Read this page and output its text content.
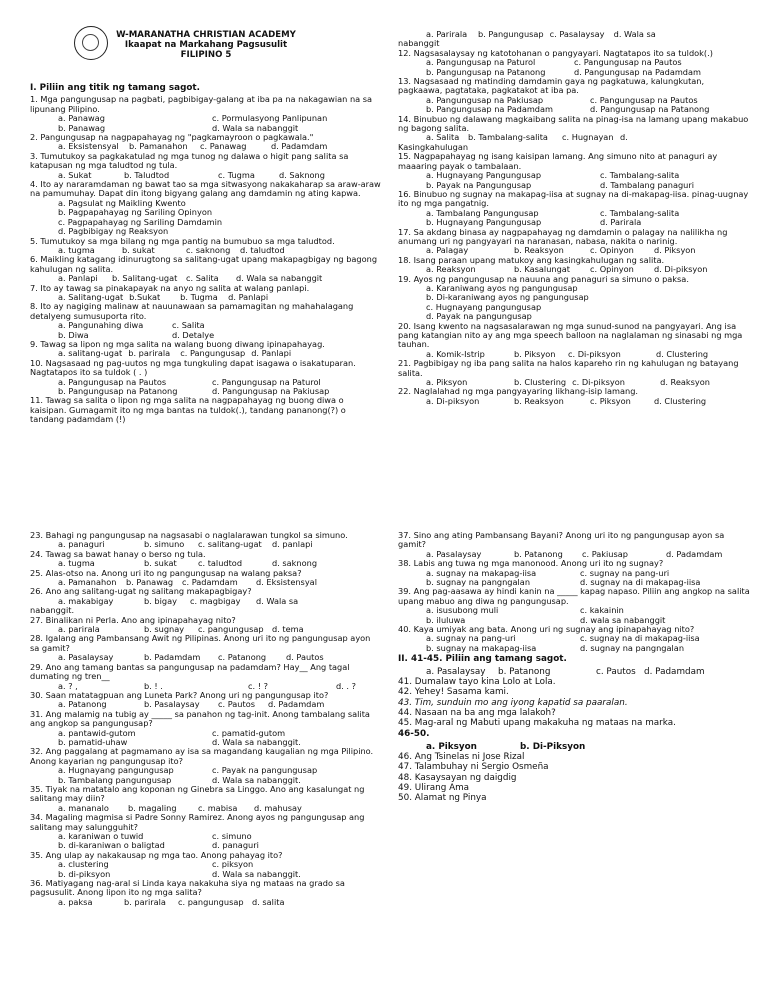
W-MARANATHA CHRISTIAN ACADEMY
Ikaapat na Markahang Pagsusulit
FILIPINO 5
I. Piliin ang titik ng tamang sagot.
1. Mga pangungusap na pagbati, pagbibigay-galang at iba pa na nakagawian na sa lipunang Pilipino.
a. Panawag	c. Pormulasyong Panlipunan
b. Panawag	d. Wala sa nabanggit
2. Pangungusap na nagpapahayag ng "pagkamayroon o pagkawala."
a. Eksistensyal	b. Pamanahon	c. Panawag	d. Padamdam
3. Tumutukoy sa pagkakatulad ng mga tunog ng dalawa o higit pang salita sa katapusan ng mga taludtod ng tula.
a. Sukat	b. Taludtod	c. Tugma	d. Saknong
4. Ito ay nararamdaman ng bawat tao sa mga sitwasyong nakakaharap sa araw-araw na pamumuhay. Dapat din itong bigyang galang ang damdamin ng ating kapwa.
a. Pagsulat ng Maikling Kwento
b. Pagpapahayag ng Sariling Opinyon
c. Pagpapahayag ng Sariling Damdamin
d. Pagbibigay ng Reaksyon
5. Tumutukoy sa mga bilang ng mga pantig na bumubuo sa mga taludtod.
a. tugma	b. sukat	c. saknong	d. taludtod
6. Maikling katagang idinurugtong sa salitang-ugat upang makapagbigay ng bagong kahulugan ng salita.
a. Panlapi	b. Salitang-ugat	c. Salita	d. Wala sa nabanggit
7. Ito ay tawag sa pinakapayak na anyo ng salita at walang panlapi.
a. Salitang-ugat b.Sukat	b. Tugma	d. Panlapi
8. Ito ay nagiging malinaw at nauunawaan sa pamamagitan ng mahahalagang detalyeng sumusuporta rito.
a. Pangunahing diwa	c. Salita
b. Diwa	d. Detalye
9. Tawag sa lipon ng mga salita na walang buong diwang ipinapahayag.
a. salitang-ugat b. parirala	c. Pangungusap d. Panlapi
10. Nagsasaad ng pag-uutos ng mga tungkuling dapat isagawa o isakatuparan. Nagtatapos ito sa tuldok ( . )
a. Pangungusap na Pautos	c. Pangungusap na Paturol
b. Pangungusap na Patanong	d. Pangungusap na Pakiusap
11. Tawag sa salita o lipon ng mga salita na nagpapahayag ng buong diwa o kaisipan. Gumagamit ito ng mga bantas na tuldok(.), tandang pananong(?) o tandang padamdam (!)
a. Parirala	b. Pangungusap c. Pasalaysay	d. Wala sa
nabanggit
12. Nagsasalaysay ng katotohanan o pangyayari. Nagtatapos ito sa tuldok(.)
a. Pangungusap na Paturol	c. Pangungusap na Pautos
b. Pangungusap na Patanong	d. Pangungusap na Padamdam
13. Nagsasaad ng matinding damdamin gaya ng pagkatuwa, kalungkutan, pagkaawa, pagtataka, pagkatakot at iba pa.
a. Pangungusap na Pakiusap	c. Pangungusap na Pautos
b. Pangungusap na Padamdam	d. Pangungusap na Patanong
14. Binubuo ng dalawang magkaibang salita na pinag-isa na lamang upang makabuo ng bagong salita.
a. Salita	b. Tambalang-salita	c. Hugnayan d.
Kasingkahulugan
15. Nagpapahayag ng isang kaisipan lamang. Ang simuno nito at panaguri ay maaaring payak o tambalaan.
a. Hugnayang Pangungusap	c. Tambalang-salita
b. Payak na Pangungusap	d. Tambalang panaguri
16. Binubuo ng sugnay na makapag-iisa at sugnay na di-makapag-iisa. pinag-uugnay ito ng mga pangatnig.
a. Tambalang Pangungusap	c. Tambalang-salita
b. Hugnayang Pangungusap	d. Parirala
17. Sa akdang binasa ay nagpapahayag ng damdamin o palagay na nalilikha ng anumang uri ng pangyayari na naranasan, nabasa, nakita o narinig.
a. Palagay	b. Reaksyon	c. Opinyon	d. Piksyon
18. Isang paraan upang matukoy ang kasingkahulugan ng salita.
a. Reaksyon	b. Kasalungat	c. Opinyon	d. Di-piksyon
19. Ayos ng pangungusap na nauuna ang panaguri sa simuno o paksa.
a. Karaniwang ayos ng pangungusap
b. Di-karaniwang ayos ng pangungusap
c. Hugnayang pangungusap
d. Payak na pangungusap
20. Isang kwento na nagsasalarawan ng mga sunud-sunod na pangyayari. Ang isa pang katangian nito ay ang mga speech balloon na naglalaman ng sinasabi ng mga tauhan.
a. Komik-Istrip	b. Piksyon	c. Di-piksyon	d. Clustering
21. Pagbibigay ng iba pang salita na halos kapareho rin ng kahulugan ng batayang salita.
a. Piksyon	b. Clustering c. Di-piksyon	d. Reaksyon
22. Naglalahad ng mga pangyayaring likhang-isip lamang.
a. Di-piksyon	b. Reaksyon	c. Piksyon	d. Clustering
23. Bahagi ng pangungusap na nagsasabi o naglalarawan tungkol sa simuno.
a. panaguri	b. simuno	c. salitang-ugat	d. panlapi
24. Tawag sa bawat hanay o berso ng tula.
a. tugma	b. sukat	c. taludtod	d. saknong
25. Alas-otso na. Anong uri ito ng pangungusap na walang paksa?
a. Pamanahon	b. Panawag	c. Padamdam	d. Eksistensyal
26. Ano ang salitang-ugat ng salitang makapagbigay?
a. makabigay	b. bigay	c. magbigay	d. Wala sa
nabanggit.
27. Binalikan ni Perla. Ano ang ipinapahayag nito?
a. parirala	b. sugnay	c. pangungusap d. tema
28. Igalang ang Pambansang Awit ng Pilipinas. Anong uri ito ng pangungusap ayon sa gamit?
a. Pasalaysay	b. Padamdam	c. Patanong	d. Pautos
29. Ano ang tamang bantas sa pangungusap na padamdam? Hay__ Ang tagal dumating ng tren__
a. ? ,	b. ! .	c. ! ?	d. . ?
30. Saan matatagpuan ang Luneta Park? Anong uri ng pangungusap ito?
a. Patanong	b. Pasalaysay	c. Pautos	d. Padamdam
31. Ang malamig na tubig ay _____ sa panahon ng tag-init. Anong tambalang salita ang angkop sa pangungusap?
a. pantawid-gutom	c. pamatid-gutom
b. pamatid-uhaw	d. Wala sa nabanggit.
32. Ang paggalang at pagmamano ay isa sa magandang kaugalian ng mga Pilipino. Anong kayarian ng pangungusap ito?
a. Hugnayang pangungusap	c. Payak na pangungusap
b. Tambalang pangungusap	d. Wala sa nabanggit.
35. Tiyak na matatalo ang koponan ng Ginebra sa Linggo. Ano ang kasalungat ng salitang may diin?
a. mananalo	b. magaling	c. mabisa	d. mahusay
34. Magaling magmisa si Padre Sonny Ramirez. Anong ayos ng pangungusap ang salitang may salungguhit?
a. karaniwan o tuwid	c. simuno
b. di-karaniwan o baligtad	d. panaguri
35. Ang ulap ay nakakausap ng mga tao. Anong pahayag ito?
a. clustering	c. piksyon
b. di-piksyon	d. Wala sa nabanggit.
36. Matiyagang nag-aral si Linda kaya nakakuha siya ng mataas na grado sa pagsusulit. Anong lipon ito ng mga salita?
a. paksa	b. parirala	c. pangungusap d. salita
37. Sino ang ating Pambansang Bayani? Anong uri ito ng pangungusap ayon sa gamit?
a. Pasalaysay	b. Patanong	c. Pakiusap	d. Padamdam
38. Labis ang tuwa ng mga manonood. Anong uri ito ng sugnay?
a. sugnay na makapag-iisa	c. sugnay na pang-uri
b. sugnay na pangngalan	d. sugnay na di makapag-iisa
39. Ang pag-aasawa ay hindi kanin na _____ kapag napaso. Piliin ang angkop na salita upang mabuo ang diwa ng pangungusap.
a. isusubong muli	c. kakainin
b. iluluwa	d. wala sa nabanggit
40. Kaya umiyak ang bata. Anong uri ng sugnay ang ipinapahayag nito?
a. sugnay na pang-uri	c. sugnay na di makapag-iisa
b. sugnay na makapag-iisa	d. sugnay na pangngalan
II. 41-45. Piliin ang tamang sagot.
a. Pasalaysay	b. Patanong	c. Pautos d. Padamdam
41. Dumalaw tayo kina Lolo at Lola.
42. Yehey! Sasama kami.
43. Tim, sunduin mo ang iyong kapatid sa paaralan.
44. Nasaan na ba ang mga lalakoh?
45. Mag-aral ng Mabuti upang makakuha ng mataas na marka.
46-50.
a. Piksyon	b. Di-Piksyon
46. Ang Tsinelas ni Jose Rizal
47. Talambuhay ni Sergio Osmeña
48. Kasaysayan ng daigdig
49. Ulirang Ama
50. Alamat ng Pinya
